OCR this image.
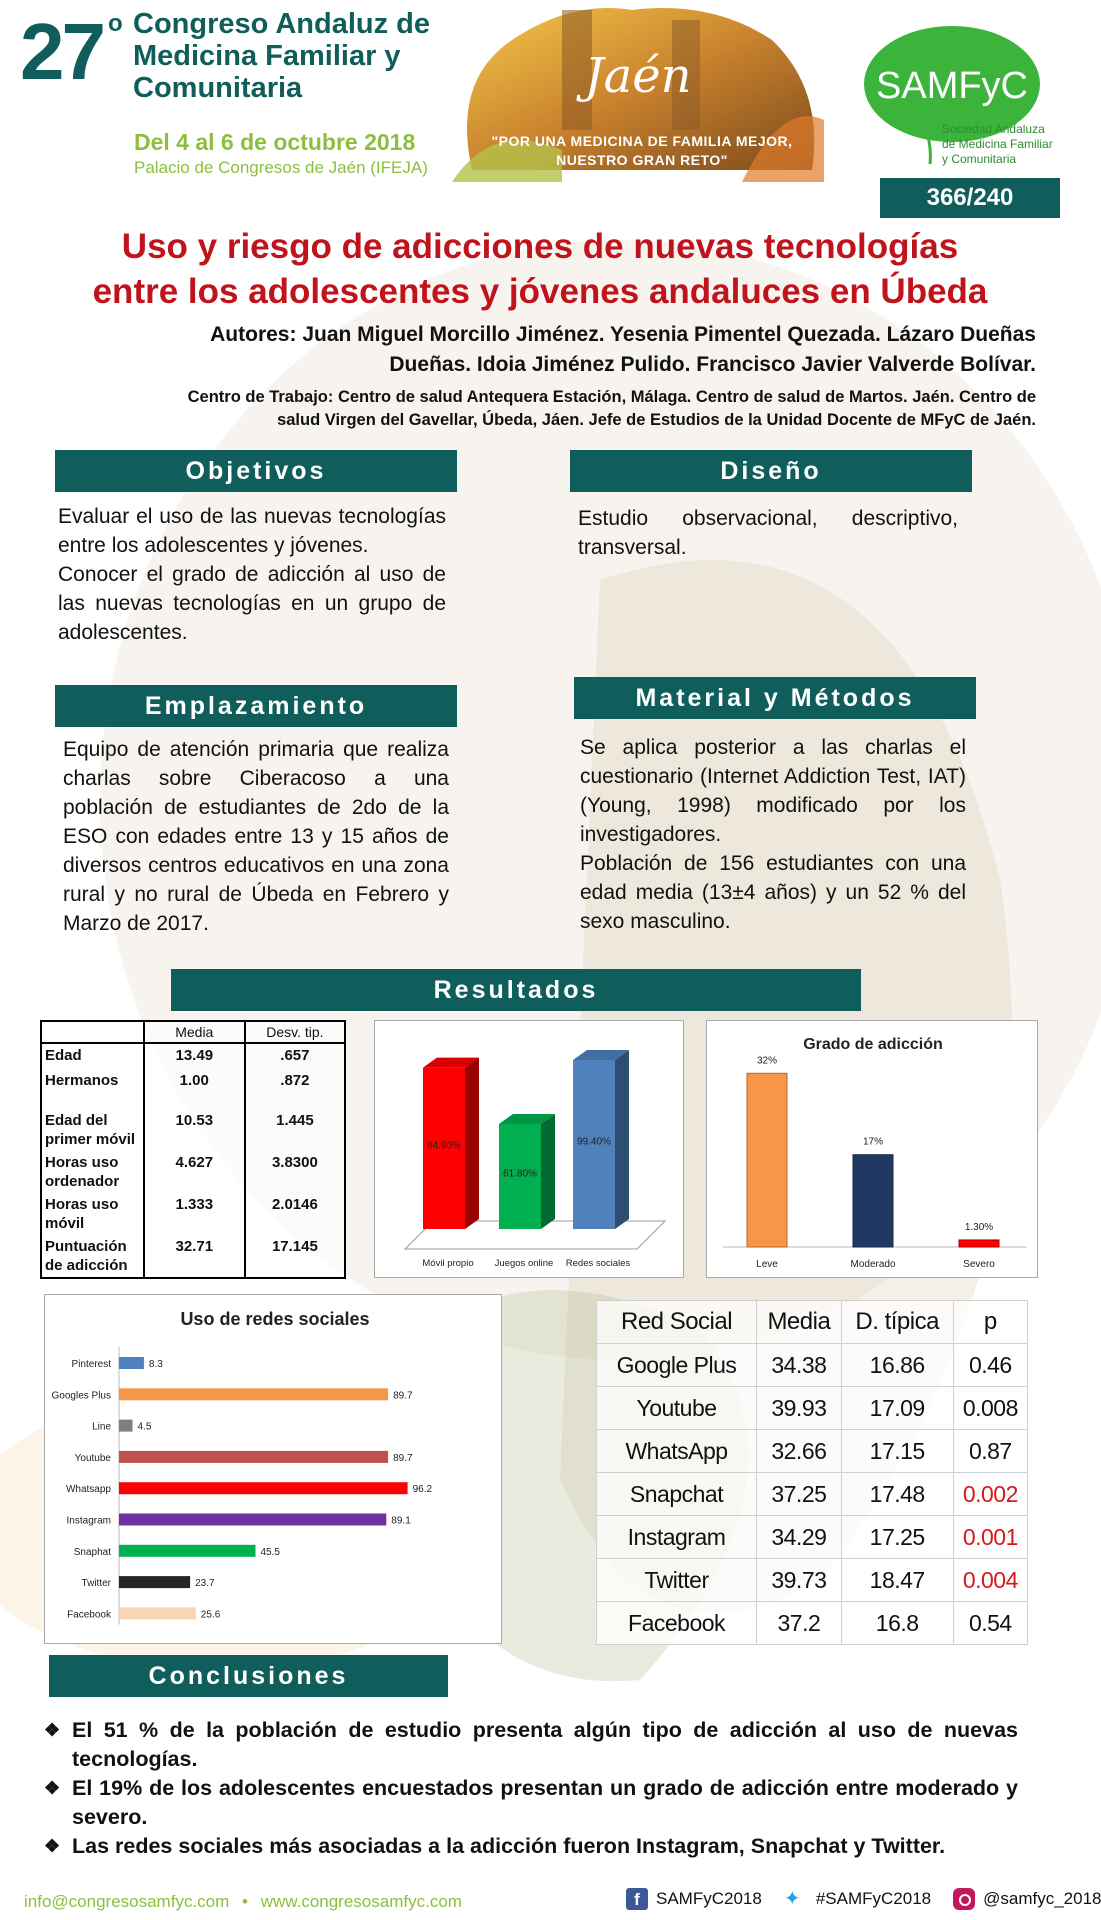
27 o Congreso Andaluz de Medicina Familiar y Comunitaria
Del 4 al 6 de octubre 2018
Palacio de Congresos de Jaén (IFEJA)
Jaén
"POR UNA MEDICINA DE FAMILIA MEJOR,
NUESTRO GRAN RETO"
SAMFyC
Sociedad Andaluza
de Medicina Familiar
y Comunitaria
366/240
Uso y riesgo de adicciones de nuevas tecnologías
entre los adolescentes y jóvenes andaluces en Úbeda
Autores: Juan Miguel Morcillo Jiménez. Yesenia Pimentel Quezada. Lázaro Dueñas
Dueñas. Idoia Jiménez Pulido. Francisco Javier Valverde Bolívar.
Centro de Trabajo: Centro de salud Antequera Estación, Málaga. Centro de salud de Martos. Jaén. Centro de
salud Virgen del Gavellar, Úbeda, Jáen. Jefe de Estudios de la Unidad Docente de MFyC de Jaén.
Objetivos

Evaluar el uso de las nuevas tecnologías entre los adolescentes y jóvenes.

Conocer el grado de adicción al uso de las nuevas tecnologías en un grupo de adolescentes.

Diseño

Estudio observacional, descriptivo, transversal.

Emplazamiento

Equipo de atención primaria que realiza charlas sobre Ciberacoso a una población de estudiantes de 2do de la ESO con edades entre 13 y 15 años de diversos centros educativos en una zona rural y no rural de Úbeda en Febrero y Marzo de 2017.

Material y Métodos

Se aplica posterior a las charlas el cuestionario (Internet Addiction Test, IAT) (Young, 1998) modificado por los investigadores.

Población de 156 estudiantes con una edad media (13±4 años) y un 52 % del sexo masculino.

Resultados
	Media	Desv. tip.
Edad	13.49	.657
Hermanos	1.00	.872
Edad del primer móvil	10.53	1.445
Horas uso ordenador	4.627	3.8300
Horas uso móvil	1.333	2.0146
Puntuación de adicción	32.71	17.145
94.90%
Móvil propio
61.80%
Juegos online
99.40%
Redes sociales
Grado de adicción
32%
Leve
17%
Moderado
1.30%
Severo
Uso de redes sociales
Pinterest	8.3
Googles Plus	89.7
Line	4.5
Youtube	89.7
Whatsapp	96.2
Instagram	89.1
Snaphat	45.5
Twitter	23.7
Facebook	25.6
Red Social	Media	D. típica	p
Google Plus	34.38	16.86	0.46
Youtube	39.93	17.09	0.008
WhatsApp	32.66	17.15	0.87
Snapchat	37.25	17.48	0.002
Instagram	34.29	17.25	0.001
Twitter	39.73	18.47	0.004
Facebook	37.2	16.8	0.54
Conclusiones
❖ El 51 % de la población de estudio presenta algún tipo de adicción al uso de nuevas tecnologías.
❖ El 19% de los adolescentes encuestados presentan un grado de adicción entre moderado y severo.
❖ Las redes sociales más asociadas a la adicción fueron Instagram, Snapchat y Twitter.
info@congresosamfyc.com • www.congresosamfyc.com	f SAMFyC2018 ✦ #SAMFyC2018	@samfyc_2018
